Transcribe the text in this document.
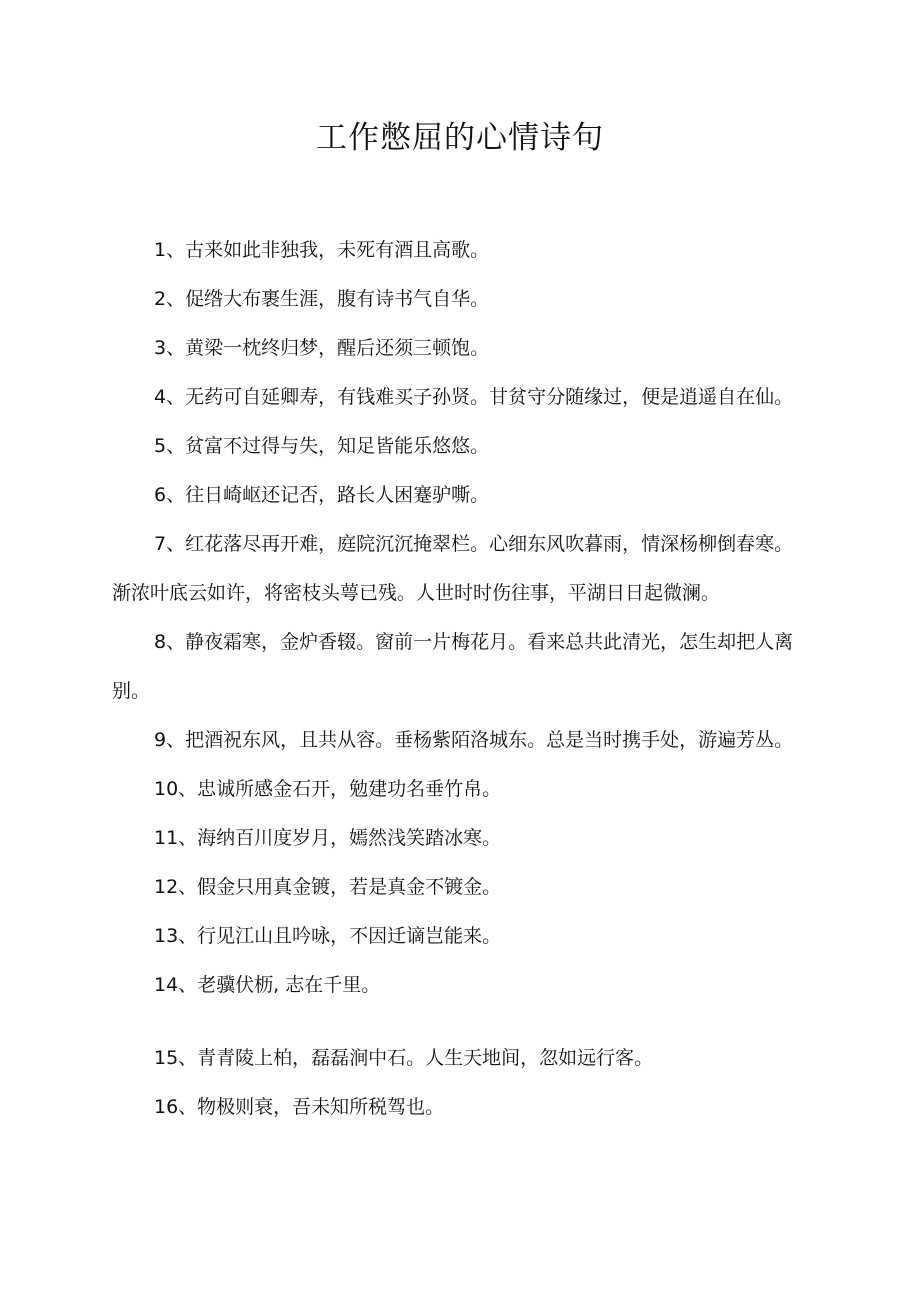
工作憋屈的心情诗句

1、古来如此非独我，未死有酒且高歌。

2、促绺大布裹生涯，腹有诗书气自华。

3、黄梁一枕终归梦，醒后还须三顿饱。

4、无药可自延卿寿，有钱难买子孙贤。甘贫守分随缘过，便是逍遥自在仙。

5、贫富不过得与失，知足皆能乐悠悠。

6、往日崎岖还记否，路长人困蹇驴嘶。

7、红花落尽再开难，庭院沉沉掩翠栏。心细东风吹暮雨，情深杨柳倒春寒。渐浓叶底云如许，将密枝头萼已残。人世时时伤往事，平湖日日起微澜。

8、静夜霜寒，金炉香辍。窗前一片梅花月。看来总共此清光，怎生却把人离别。

9、把酒祝东风，且共从容。垂杨紫陌洛城东。总是当时携手处，游遍芳丛。

10、忠诚所感金石开，勉建功名垂竹帛。

11、海纳百川度岁月，嫣然浅笑踏冰寒。

12、假金只用真金镀，若是真金不镀金。

13、行见江山且吟咏，不因迁谪岂能来。

14、老骥伏枥, 志在千里。

15、青青陵上柏，磊磊涧中石。人生天地间，忽如远行客。

16、物极则衰，吾未知所税驾也。
